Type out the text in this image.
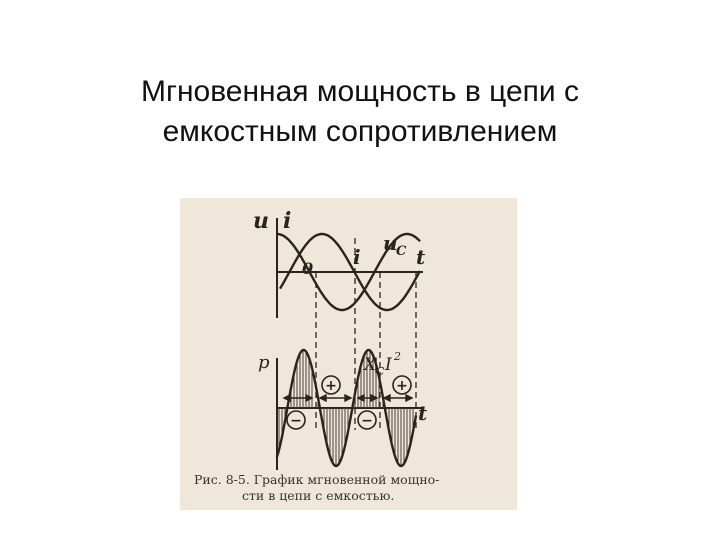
Мгновенная мощность в цепи с
емкостным сопротивлением
+	+
−	−
u i
t
0 i
u
C
p	X C I 2
t
Рис. 8-5. График мгновенной мощно-
сти в цепи с емкостью.
